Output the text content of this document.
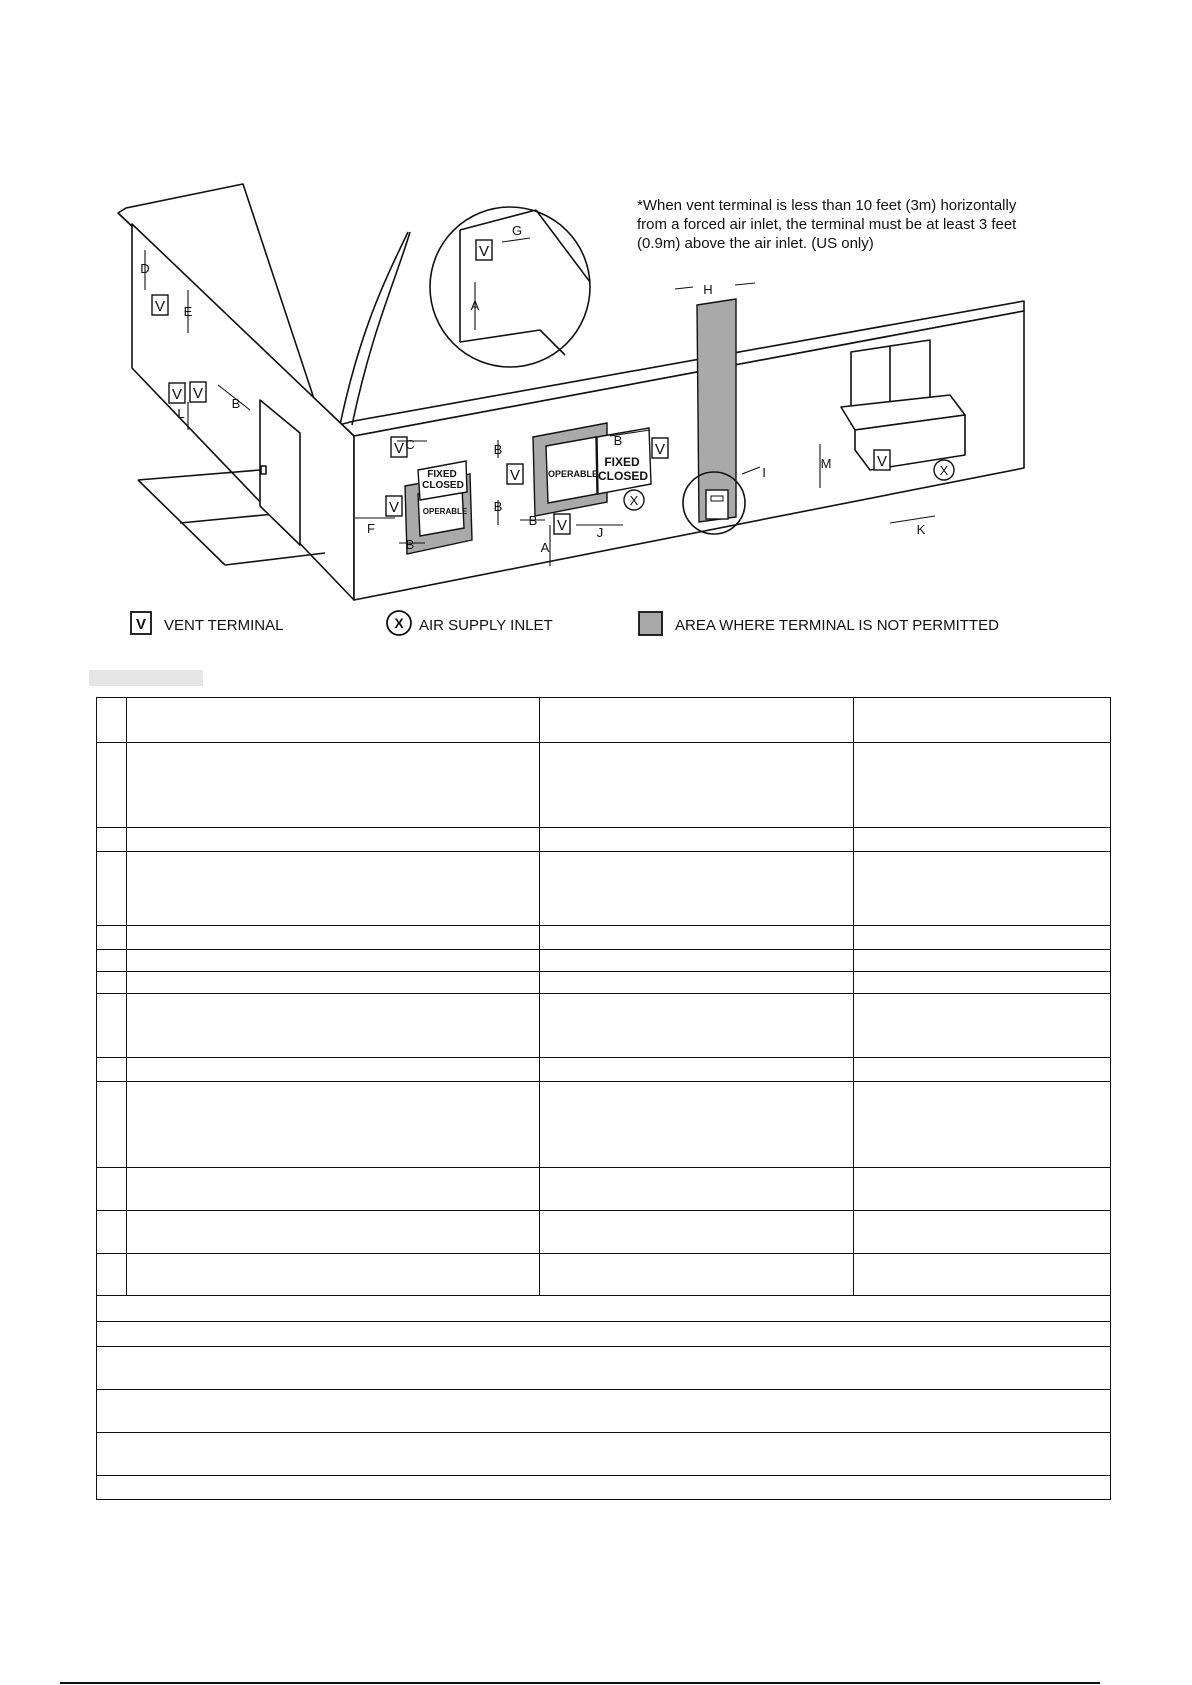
FIXED
CLOSED
OPERABLE
OPERABLE
FIXED
CLOSED
V
V
V
V
V
V
V
V
V
V
X
X
D
E
L
B
G
A
C
F
B
B
B
B
B
J
A
H
I
M
K
V VENT TERMINAL	X AIR SUPPLY INLET	AREA WHERE TERMINAL IS NOT PERMITTED
*When vent terminal is less than 10 feet (3m) horizontally
from a forced air inlet, the terminal must be at least 3 feet
(0.9m) above the air inlet. (US only)
